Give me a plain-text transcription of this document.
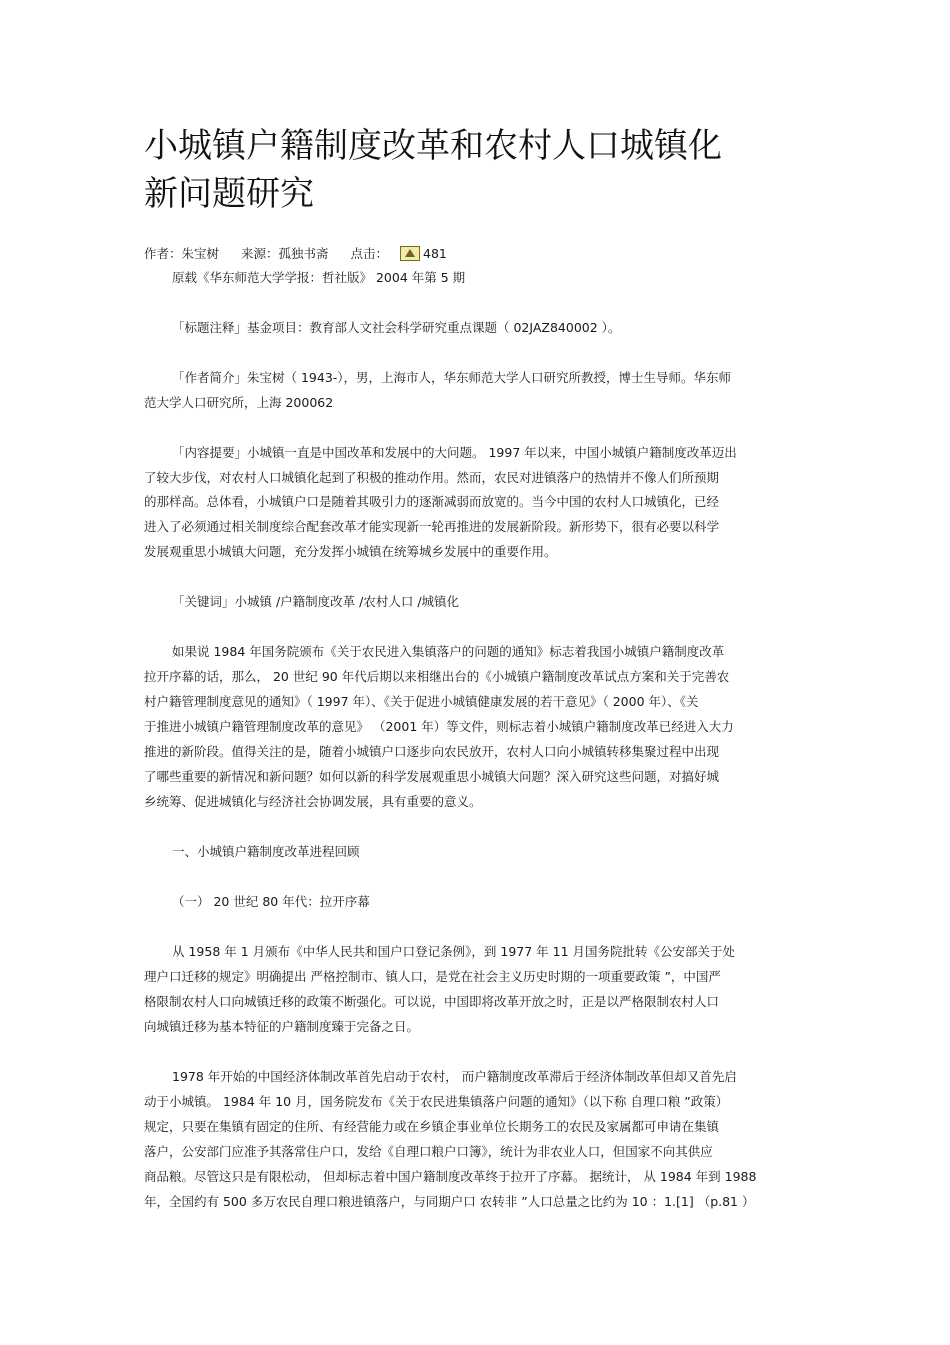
小城镇户籍制度改革和农村人口城镇化
新问题研究
作者：朱宝树 来源：孤独书斋 点击：	481
原载《华东师范大学学报：哲社版》 2004 年第 5 期
「标题注释」基金项目：教育部人文社会科学研究重点课题（ 02JAZ840002 ）。
「作者简介」朱宝树（ 1943-），男，上海市人，华东师范大学人口研究所教授，博士生导师。华东师
范大学人口研究所，上海 200062
「内容提要」小城镇一直是中国改革和发展中的大问题。 1997 年以来，中国小城镇户籍制度改革迈出
了较大步伐，对农村人口城镇化起到了积极的推动作用。然而，农民对进镇落户的热情并不像人们所预期
的那样高。总体看，小城镇户口是随着其吸引力的逐渐减弱而放宽的。当今中国的农村人口城镇化，已经
进入了必须通过相关制度综合配套改革才能实现新一轮再推进的发展新阶段。新形势下，很有必要以科学
发展观重思小城镇大问题，充分发挥小城镇在统筹城乡发展中的重要作用。
「关键词」小城镇 /户籍制度改革 /农村人口 /城镇化
如果说 1984 年国务院颁布《关于农民进入集镇落户的问题的通知》标志着我国小城镇户籍制度改革
拉开序幕的话，那么， 20 世纪 90 年代后期以来相继出台的《小城镇户籍制度改革试点方案和关于完善农
村户籍管理制度意见的通知》（ 1997 年）、《关于促进小城镇健康发展的若干意见》（ 2000 年）、《关
于推进小城镇户籍管理制度改革的意见》 （2001 年）等文件，则标志着小城镇户籍制度改革已经进入大力
推进的新阶段。值得关注的是，随着小城镇户口逐步向农民放开，农村人口向小城镇转移集聚过程中出现
了哪些重要的新情况和新问题？如何以新的科学发展观重思小城镇大问题？深入研究这些问题，对搞好城
乡统筹、促进城镇化与经济社会协调发展，具有重要的意义。
一、小城镇户籍制度改革进程回顾
（一） 20 世纪 80 年代：拉开序幕
从 1958 年 1 月颁布《中华人民共和国户口登记条例》，到 1977 年 11 月国务院批转《公安部关于处
理户口迁移的规定》明确提出 严格控制市、镇人口，是党在社会主义历史时期的一项重要政策 ”，中国严
格限制农村人口向城镇迁移的政策不断强化。可以说，中国即将改革开放之时，正是以严格限制农村人口
向城镇迁移为基本特征的户籍制度臻于完备之日。
1978 年开始的中国经济体制改革首先启动于农村， 而户籍制度改革滞后于经济体制改革但却又首先启
动于小城镇。 1984 年 10 月，国务院发布《关于农民进集镇落户问题的通知》（以下称 自理口粮 ”政策）
规定，只要在集镇有固定的住所、有经营能力或在乡镇企事业单位长期务工的农民及家属都可申请在集镇
落户，公安部门应准予其落常住户口，发给《自理口粮户口簿》，统计为非农业人口，但国家不向其供应
商品粮。尽管这只是有限松动， 但却标志着中国户籍制度改革终于拉开了序幕。 据统计， 从 1984 年到 1988
年，全国约有 500 多万农民自理口粮进镇落户，与同期户口 农转非 ”人口总量之比约为 10 ：1.[1] （p.81 ）
